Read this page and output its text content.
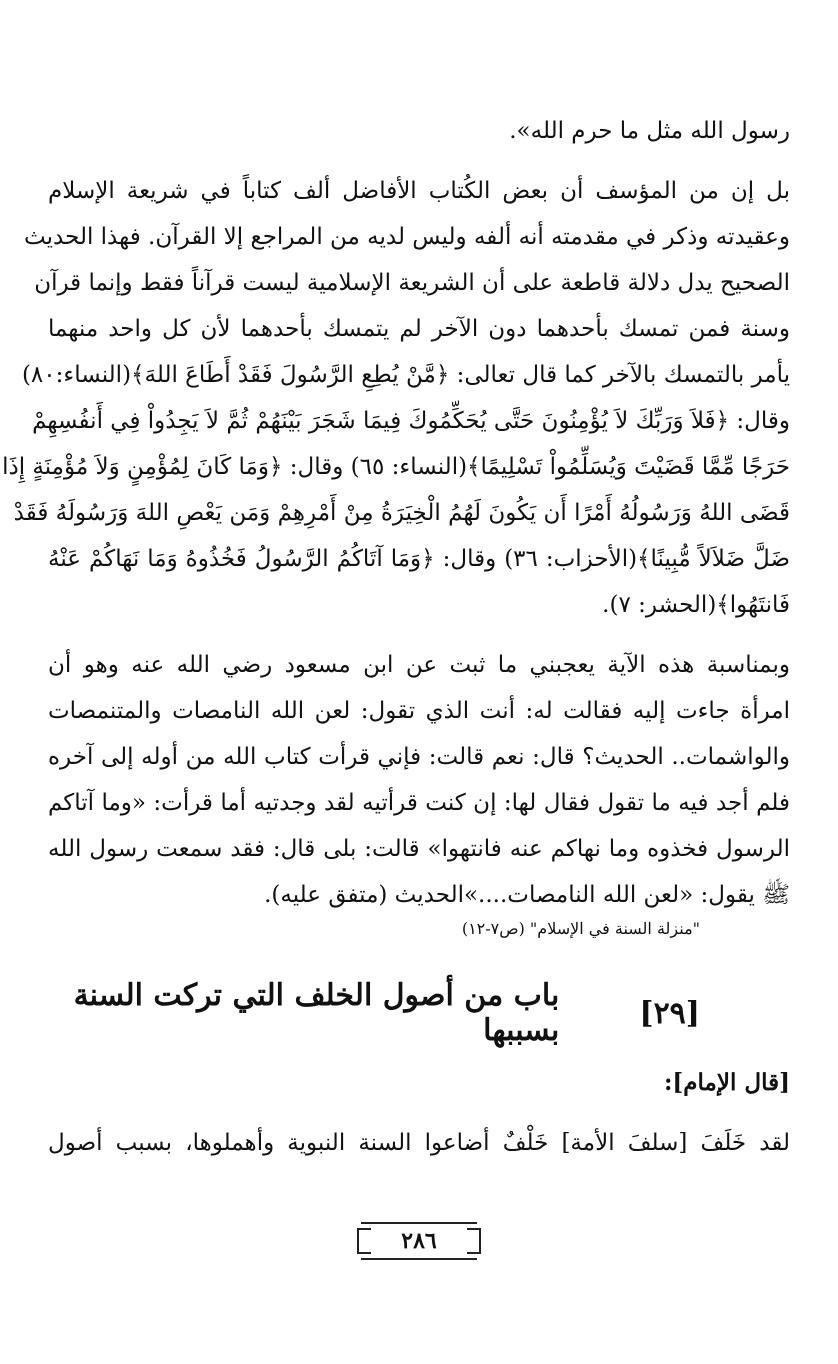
رسول الله مثل ما حرم الله».
بل إن من المؤسف أن بعض الكُتاب الأفاضل ألف كتاباً في شريعة الإسلام
وعقيدته وذكر في مقدمته أنه ألفه وليس لديه من المراجع إلا القرآن. فهذا الحديث
الصحيح يدل دلالة قاطعة على أن الشريعة الإسلامية ليست قرآناً فقط وإنما قرآن
وسنة فمن تمسك بأحدهما دون الآخر لم يتمسك بأحدهما لأن كل واحد منهما
يأمر بالتمسك بالآخر كما قال تعالى: ﴿مَّنْ يُطِعِ الرَّسُولَ فَقَدْ أَطَاعَ اللهَ﴾(النساء:٨٠)
وقال: ﴿فَلاَ وَرَبِّكَ لاَ يُؤْمِنُونَ حَتَّى يُحَكِّمُوكَ فِيمَا شَجَرَ بَيْنَهُمْ ثُمَّ لاَ يَجِدُواْ فِي أَنفُسِهِمْ
حَرَجًا مِّمَّا قَضَيْتَ وَيُسَلِّمُواْ تَسْلِيمًا﴾(النساء: ٦٥) وقال: ﴿وَمَا كَانَ لِمُؤْمِنٍ وَلاَ مُؤْمِنَةٍ إِذَا
قَضَى اللهُ وَرَسُولُهُ أَمْرًا أَن يَكُونَ لَهُمُ الْخِيَرَةُ مِنْ أَمْرِهِمْ وَمَن يَعْصِ اللهَ وَرَسُولَهُ فَقَدْ
ضَلَّ ضَلاَلاً مُّبِينًا﴾(الأحزاب: ٣٦) وقال: ﴿وَمَا آتَاكُمُ الرَّسُولُ فَخُذُوهُ وَمَا نَهَاكُمْ عَنْهُ
فَانتَهُوا﴾(الحشر: ٧).
وبمناسبة هذه الآية يعجبني ما ثبت عن ابن مسعود رضي الله عنه وهو أن
امرأة جاءت إليه فقالت له: أنت الذي تقول: لعن الله النامصات والمتنمصات
والواشمات.. الحديث؟ قال: نعم قالت: فإني قرأت كتاب الله من أوله إلى آخره
فلم أجد فيه ما تقول فقال لها: إن كنت قرأتيه لقد وجدتيه أما قرأت: «وما آتاكم
الرسول فخذوه وما نهاكم عنه فانتهوا» قالت: بلى قال: فقد سمعت رسول الله
ﷺ يقول: «لعن الله النامصات....»الحديث (متفق عليه).
"منزلة السنة في الإسلام" (ص٧-١٢)
[٢٩]
باب من أصول الخلف التي تركت السنة بسببها
[قال الإمام]:
لقد خَلَفَ [سلفَ الأمة] خَلْفٌ أضاعوا السنة النبوية وأهملوها، بسبب أصول
٢٨٦
